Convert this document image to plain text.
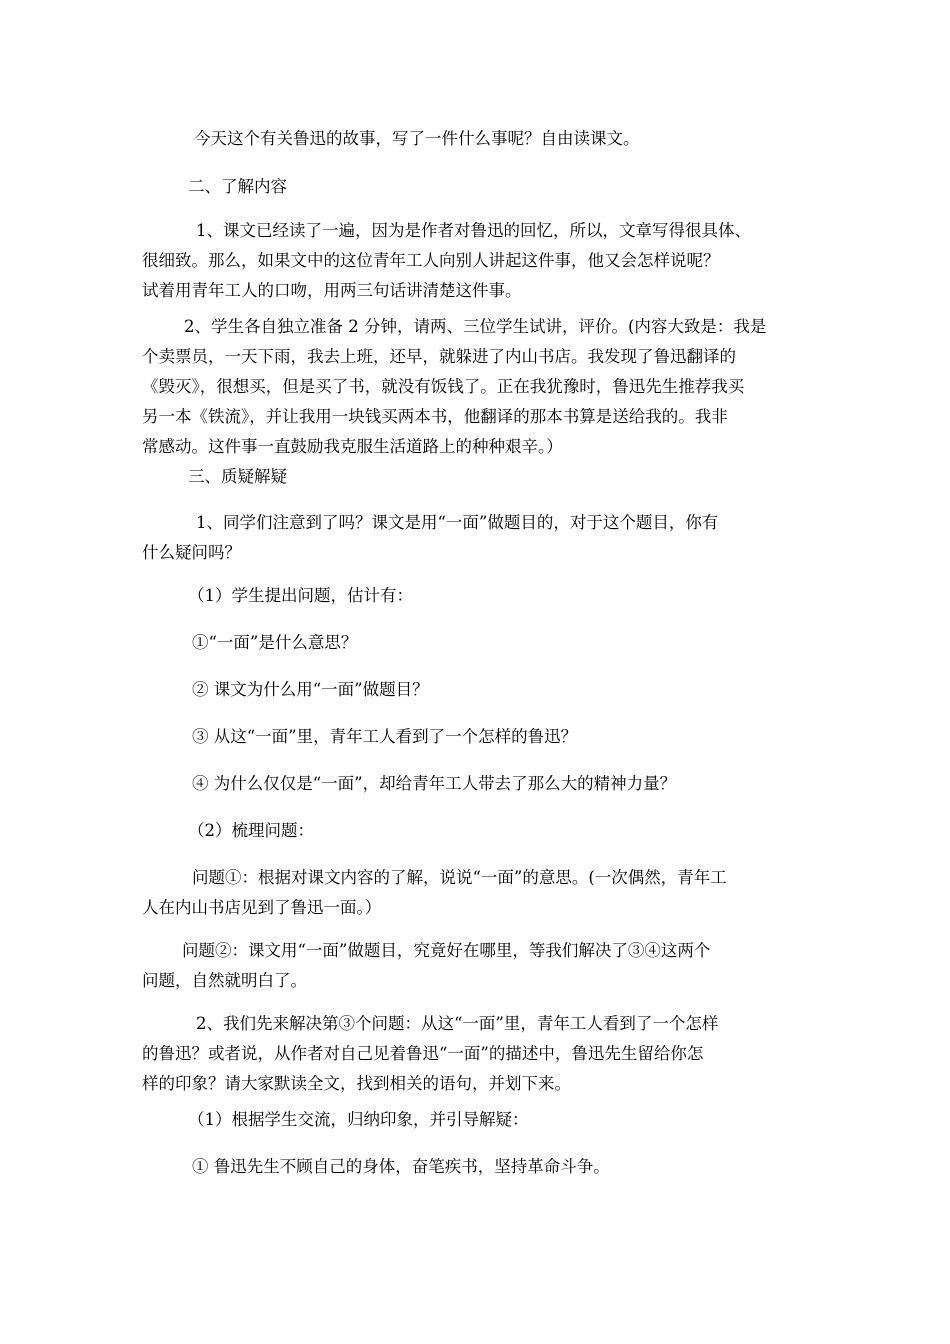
今天这个有关鲁迅的故事，写了一件什么事呢？自由读课文。

二、了解内容

1、课文已经读了一遍，因为是作者对鲁迅的回忆，所以，文章写得很具体、
很细致。那么，如果文中的这位青年工人向别人讲起这件事，他又会怎样说呢？
试着用青年工人的口吻，用两三句话讲清楚这件事。

2、学生各自独立准备 2 分钟，请两、三位学生试讲，评价。(内容大致是：我是
个卖票员，一天下雨，我去上班，还早，就躲进了内山书店。我发现了鲁迅翻译的
《毁灭》，很想买，但是买了书，就没有饭钱了。正在我犹豫时，鲁迅先生推荐我买
另一本《铁流》，并让我用一块钱买两本书，他翻译的那本书算是送给我的。我非
常感动。这件事一直鼓励我克服生活道路上的种种艰辛。）

三、质疑解疑

1、同学们注意到了吗？课文是用“一面”做题目的，对于这个题目，你有
什么疑问吗？

（1）学生提出问题，估计有：

①“一面”是什么意思？

② 课文为什么用“一面”做题目？

③ 从这“一面”里，青年工人看到了一个怎样的鲁迅？

④ 为什么仅仅是“一面”，却给青年工人带去了那么大的精神力量？

（2）梳理问题：

问题①：根据对课文内容的了解，说说“一面”的意思。(一次偶然，青年工
人在内山书店见到了鲁迅一面。）

问题②：课文用“一面”做题目，究竟好在哪里，等我们解决了③④这两个
问题，自然就明白了。

2、我们先来解决第③个问题：从这“一面”里，青年工人看到了一个怎样
的鲁迅？或者说，从作者对自己见着鲁迅“一面”的描述中，鲁迅先生留给你怎
样的印象？请大家默读全文，找到相关的语句，并划下来。

（1）根据学生交流，归纳印象，并引导解疑：

① 鲁迅先生不顾自己的身体，奋笔疾书，坚持革命斗争。
